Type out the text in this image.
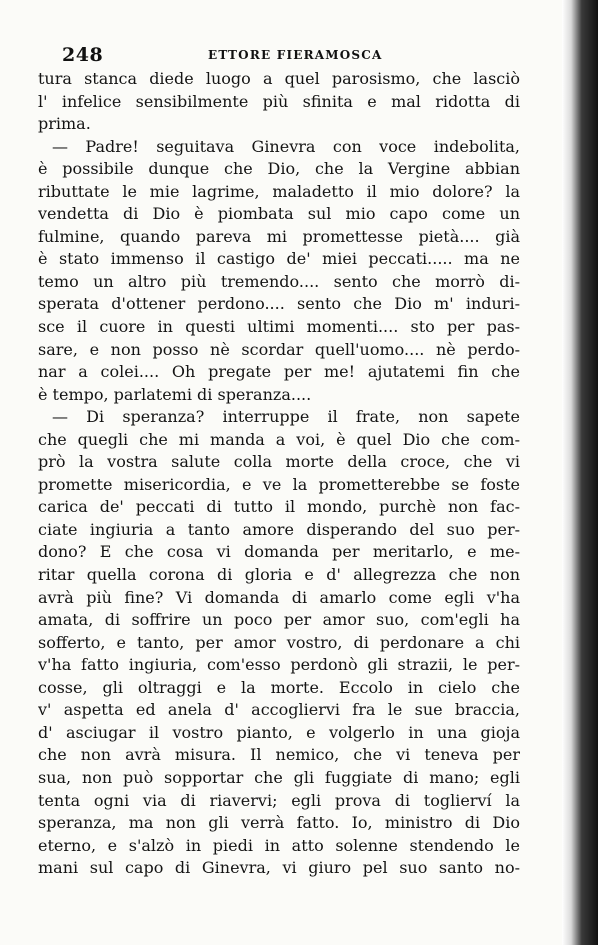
248	ETTORE FIERAMOSCA
tura stanca diede luogo a quel parosismo, che lasciò
l' infelice sensibilmente più sfinita e mal ridotta di
prima.
— Padre! seguitava Ginevra con voce indebolita,
è possibile dunque che Dio, che la Vergine abbian
ributtate le mie lagrime, maladetto il mio dolore? la
vendetta di Dio è piombata sul mio capo come un
fulmine, quando pareva mi promettesse pietà.... già
è stato immenso il castigo de' miei peccati..... ma ne
temo un altro più tremendo.... sento che morrò di-
sperata d'ottener perdono.... sento che Dio m' induri-
sce il cuore in questi ultimi momenti.... sto per pas-
sare, e non posso nè scordar quell'uomo.... nè perdo-
nar a colei.... Oh pregate per me! ajutatemi fin che
è tempo, parlatemi di speranza....
— Di speranza? interruppe il frate, non sapete
che quegli che mi manda a voi, è quel Dio che com-
prò la vostra salute colla morte della croce, che vi
promette misericordia, e ve la prometterebbe se foste
carica de' peccati di tutto il mondo, purchè non fac-
ciate ingiuria a tanto amore disperando del suo per-
dono? E che cosa vi domanda per meritarlo, e me-
ritar quella corona di gloria e d' allegrezza che non
avrà più fine? Vi domanda di amarlo come egli v'ha
amata, di soffrire un poco per amor suo, com'egli ha
sofferto, e tanto, per amor vostro, di perdonare a chi
v'ha fatto ingiuria, com'esso perdonò gli strazii, le per-
cosse, gli oltraggi e la morte. Eccolo in cielo che
v' aspetta ed anela d' accogliervi fra le sue braccia,
d' asciugar il vostro pianto, e volgerlo in una gioja
che non avrà misura. Il nemico, che vi teneva per
sua, non può sopportar che gli fuggiate di mano; egli
tenta ogni via di riavervi; egli prova di toglierví la
speranza, ma non gli verrà fatto. Io, ministro di Dio
eterno, e s'alzò in piedi in atto solenne stendendo le
mani sul capo di Ginevra, vi giuro pel suo santo no-
